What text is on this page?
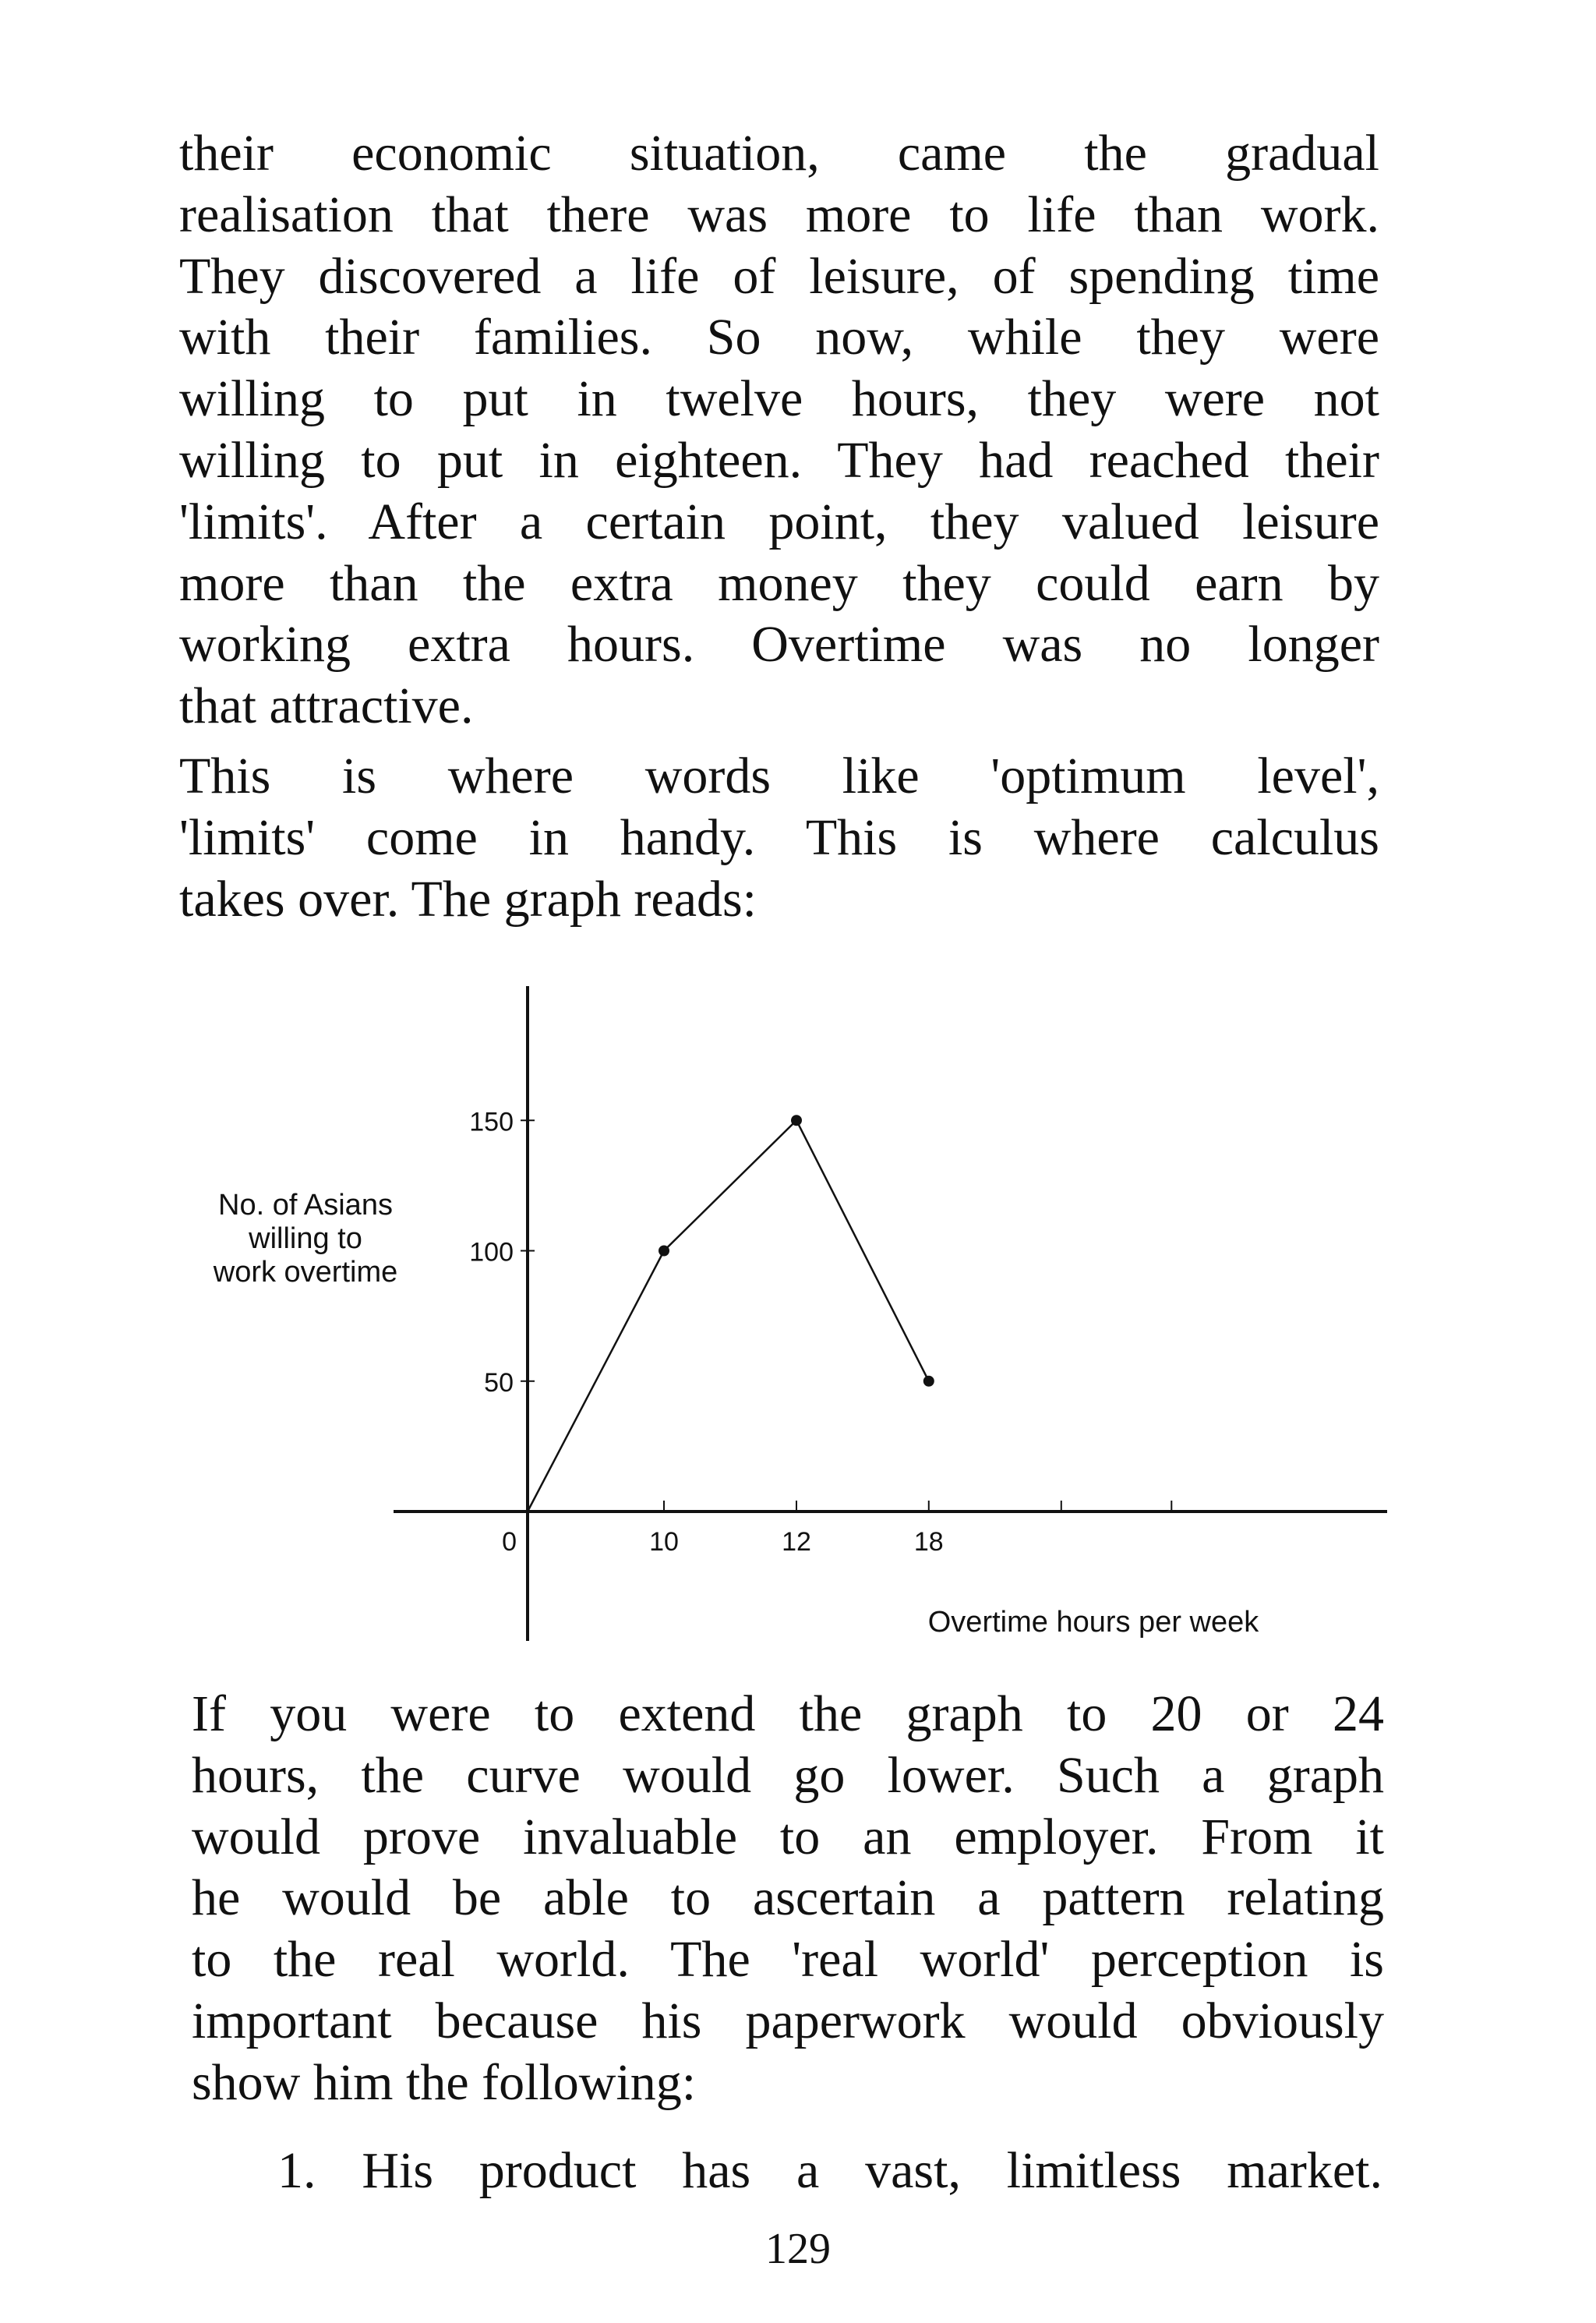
their economic situation, came the gradual
realisation that there was more to life than work.
They discovered a life of leisure, of spending time
with their families. So now, while they were
willing to put in twelve hours, they were not
willing to put in eighteen. They had reached their
'limits'. After a certain point, they valued leisure
more than the extra money they could earn by
working extra hours. Overtime was no longer
that attractive.
This is where words like 'optimum level',
'limits' come in handy. This is where calculus
takes over. The graph reads:
50
100
150
0	10	12	18
No. of Asians
willing to
work overtime
Overtime hours per week
If you were to extend the graph to 20 or 24
hours, the curve would go lower. Such a graph
would prove invaluable to an employer. From it
he would be able to ascertain a pattern relating
to the real world. The 'real world' perception is
important because his paperwork would obviously
show him the following:
1. His product has a vast, limitless market.
129
